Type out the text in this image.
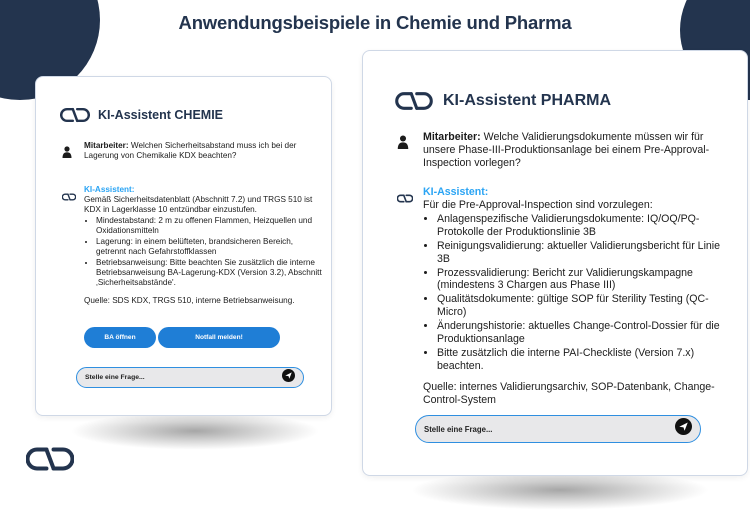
Anwendungsbeispiele in Chemie und Pharma
KI-Assistent CHEMIE
Mitarbeiter: Welchen Sicherheitsabstand muss ich bei der Lagerung von Chemikalie KDX beachten?
KI-Assistent:
Gemäß Sicherheitsdatenblatt (Abschnitt 7.2) und TRGS 510 ist KDX in Lagerklasse 10 entzündbar einzustufen.
• Mindestabstand: 2 m zu offenen Flammen, Heizquellen und Oxidationsmitteln
• Lagerung: in einem belüfteten, brandsicheren Bereich, getrennt nach Gefahrstoffklassen
• Betriebsanweisung: Bitte beachten Sie zusätzlich die interne Betriebsanweisung BA-Lagerung-KDX (Version 3.2), Abschnitt ‚Sicherheitsabstände'.
Quelle: SDS KDX, TRGS 510, interne Betriebsanweisung.
BA öffnen	Notfall melden!
Stelle eine Frage...
KI-Assistent PHARMA
Mitarbeiter: Welche Validierungsdokumente müssen wir für unsere Phase-III-Produktionsanlage bei einem Pre-Approval-Inspection vorlegen?
KI-Assistent:
Für die Pre-Approval-Inspection sind vorzulegen:
• Anlagenspezifische Validierungsdokumente: IQ/OQ/PQ-Protokolle der Produktionslinie 3B
• Reinigungsvalidierung: aktueller Validierungsbericht für Linie 3B
• Prozessvalidierung: Bericht zur Validierungskampagne (mindestens 3 Chargen aus Phase III)
• Qualitätsdokumente: gültige SOP für Sterility Testing (QC-Micro)
• Änderungshistorie: aktuelles Change-Control-Dossier für die Produktionsanlage
• Bitte zusätzlich die interne PAI-Checkliste (Version 7.x) beachten.
Quelle: internes Validierungsarchiv, SOP-Datenbank, Change-Control-System
Stelle eine Frage...
